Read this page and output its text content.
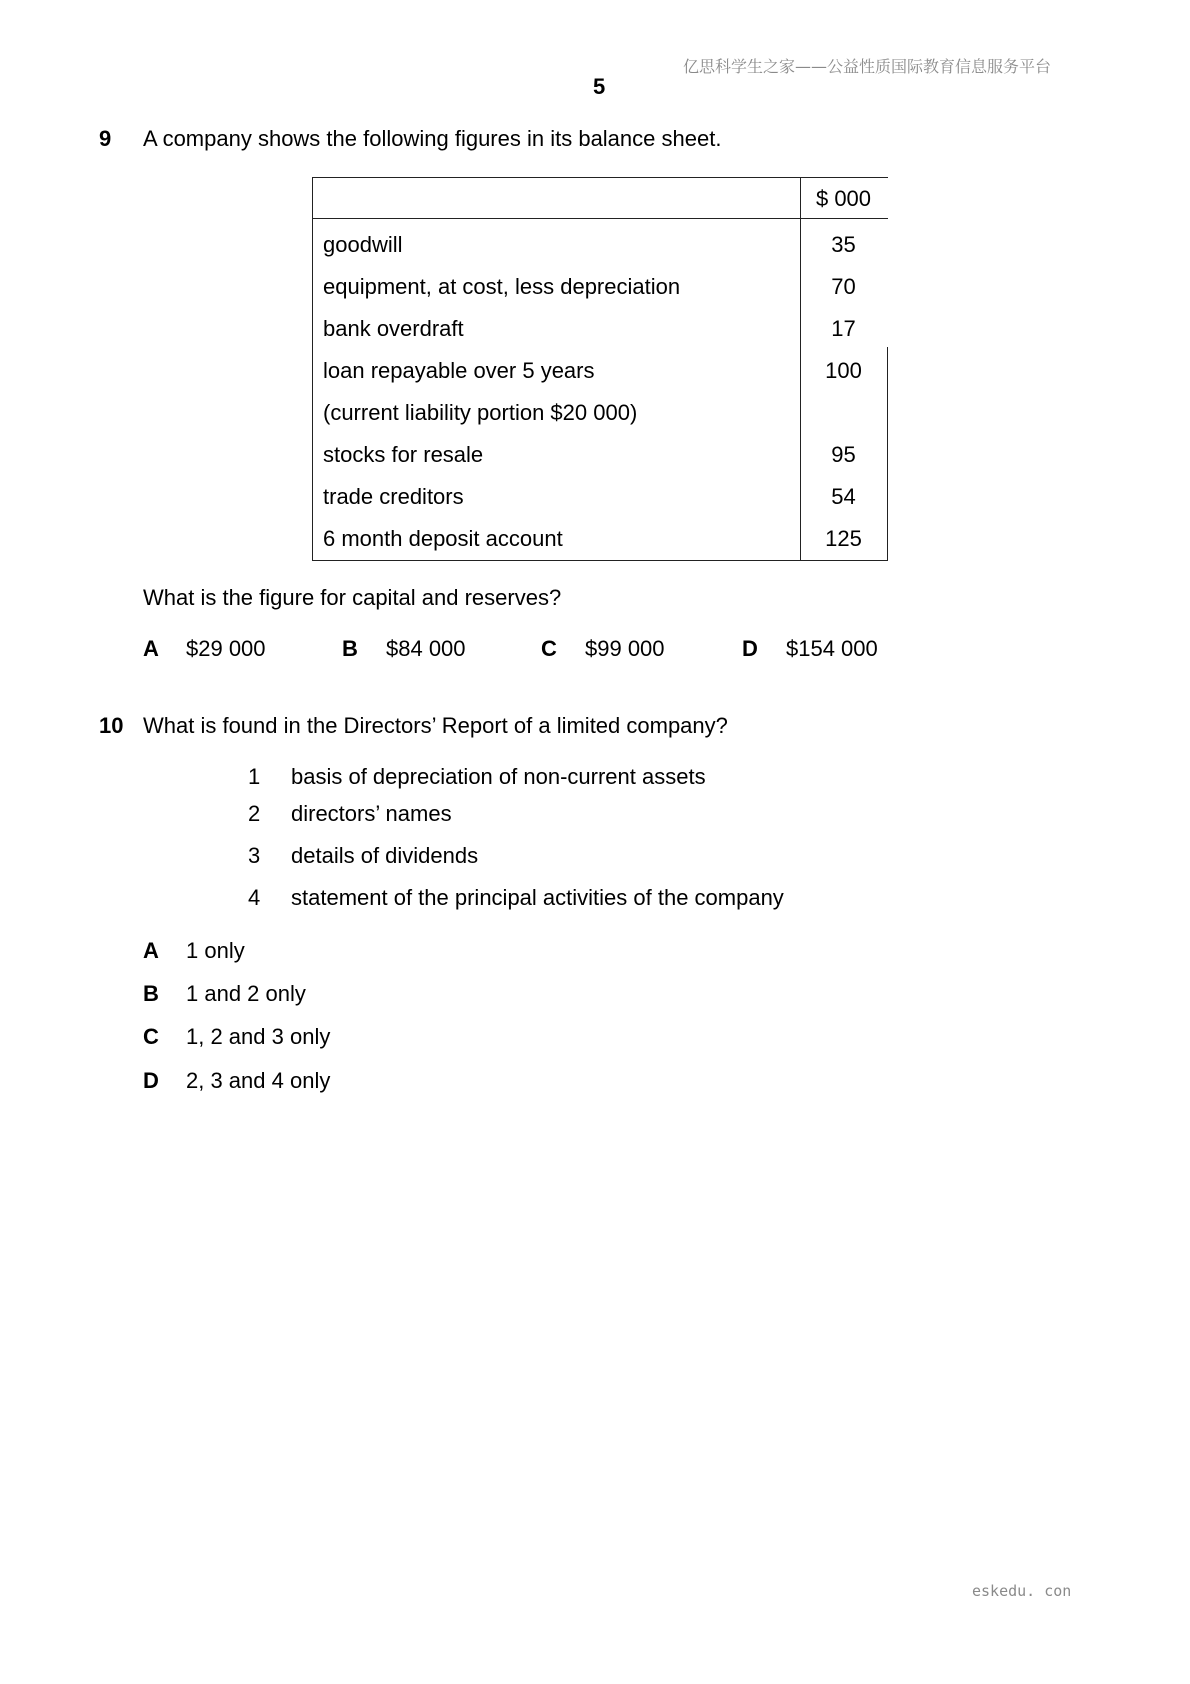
亿思科学生之家——公益性质国际教育信息服务平台
5
9 A company shows the following figures in its balance sheet.
$ 000
goodwill	35
equipment, at cost, less depreciation	70
bank overdraft	17
loan repayable over 5 years	100
(current liability portion $20 000)
stocks for resale	95
trade creditors	54
6 month deposit account	125
What is the figure for capital and reserves?
A $29 000	B $84 000	C $99 000	D $154 000
10 What is found in the Directors’ Report of a limited company?
1 basis of depreciation of non-current assets
2 directors’ names
3 details of dividends
4 statement of the principal activities of the company
A 1 only
B 1 and 2 only
C 1, 2 and 3 only
D 2, 3 and 4 only
eskedu. con
